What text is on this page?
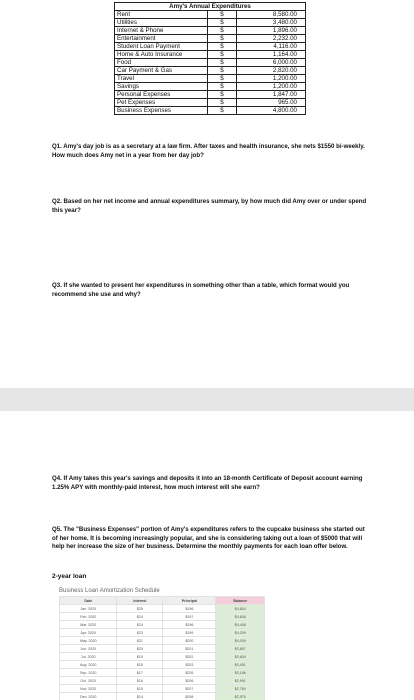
Amy's Annual Expenditures		
Rent	$	8,580.00
Utilities	$	3,480.00
Internet & Phone	$	1,896.00
Entertainment	$	2,232.00
Student Loan Payment	$	4,116.00
Home & Auto Insurance	$	1,164.00
Food	$	6,000.00
Car Payment & Gas	$	2,820.00
Travel	$	1,200.00
Savings	$	1,200.00
Personal Expenses	$	1,847.00
Pet Expenses	$	965.00
Business Expenses	$	4,800.00
Q1. Amy's day job is as a secretary at a law firm. After taxes and health insurance, she nets $1550 bi-weekly. How much does Amy net in a year from her day job?
Q2. Based on her net income and annual expenditures summary, by how much did Amy over or under spend this year?
Q3. If she wanted to present her expenditures in something other than a table, which format would you recommend she use and why?
Q4. If Amy takes this year's savings and deposits it into an 18-month Certificate of Deposit account earning 1.25% APY with monthly-paid interest, how much interest will she earn?
Q5. The "Business Expenses" portion of Amy's expenditures refers to the cupcake business she started out of her home. It is becoming increasingly popular, and she is considering taking out a loan of $5000 that will help her increase the size of her business. Determine the monthly payments for each loan offer below.
2-year loan
Business Loan Amortization Schedule
Date	Interest	Principal	Balance
Jan. 2020	$25	$196	$4,804
Feb. 2020	$24	$197	$4,606
Mar. 2020	$24	$198	$4,408
Apr. 2020	$23	$199	$4,209
May. 2020	$21	$200	$4,009
Jun. 2020	$20	$201	$3,807
Jul. 2020	$19	$202	$3,604
Aug. 2020	$18	$203	$3,401
Sep. 2020	$17	$205	$3,196
Oct. 2020	$16	$206	$2,991
Nov. 2020	$15	$207	$2,784
Dec. 2020	$14	$208	$2,576
